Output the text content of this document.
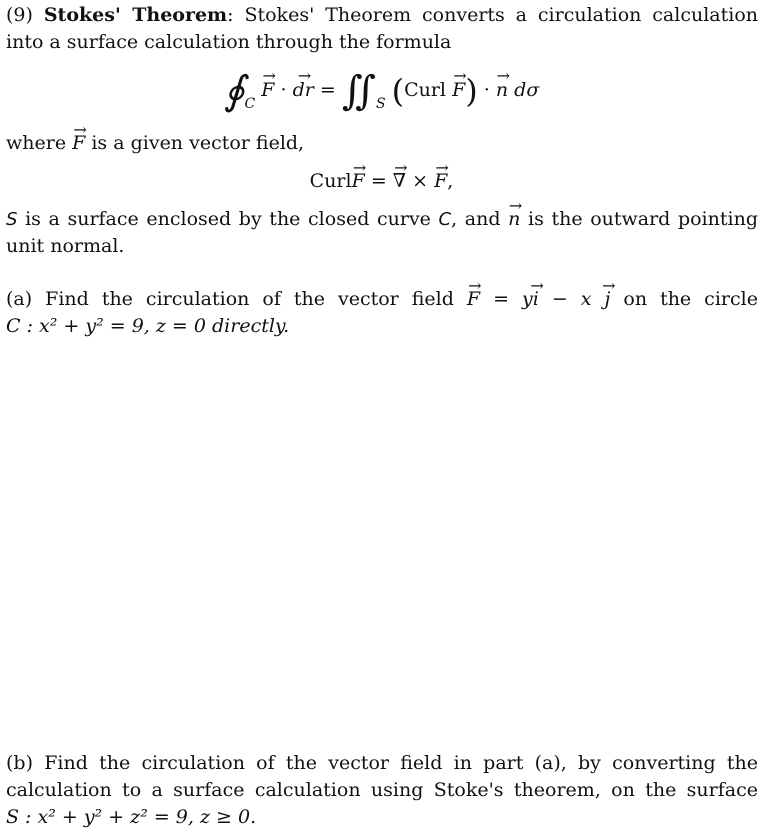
(9) Stokes' Theorem: Stokes' Theorem converts a circulation calculation
into a surface calculation through the formula
$∮_C \to F$ · → dr = $∬_S$ (Curl → F) · → n dσ
where → F is a given vector field,
Curl→ F = → ∇ × → F,
S is a surface enclosed by the closed curve C, and → n is the outward pointing
unit normal.
(a) Find the circulation of the vector field → F = y→ i − x → j on the circle
C : x² + y² = 9, z = 0 directly.
(b) Find the circulation of the vector field in part (a), by converting the
calculation to a surface calculation using Stoke's theorem, on the surface
S : x² + y² + z² = 9, z ≥ 0.
